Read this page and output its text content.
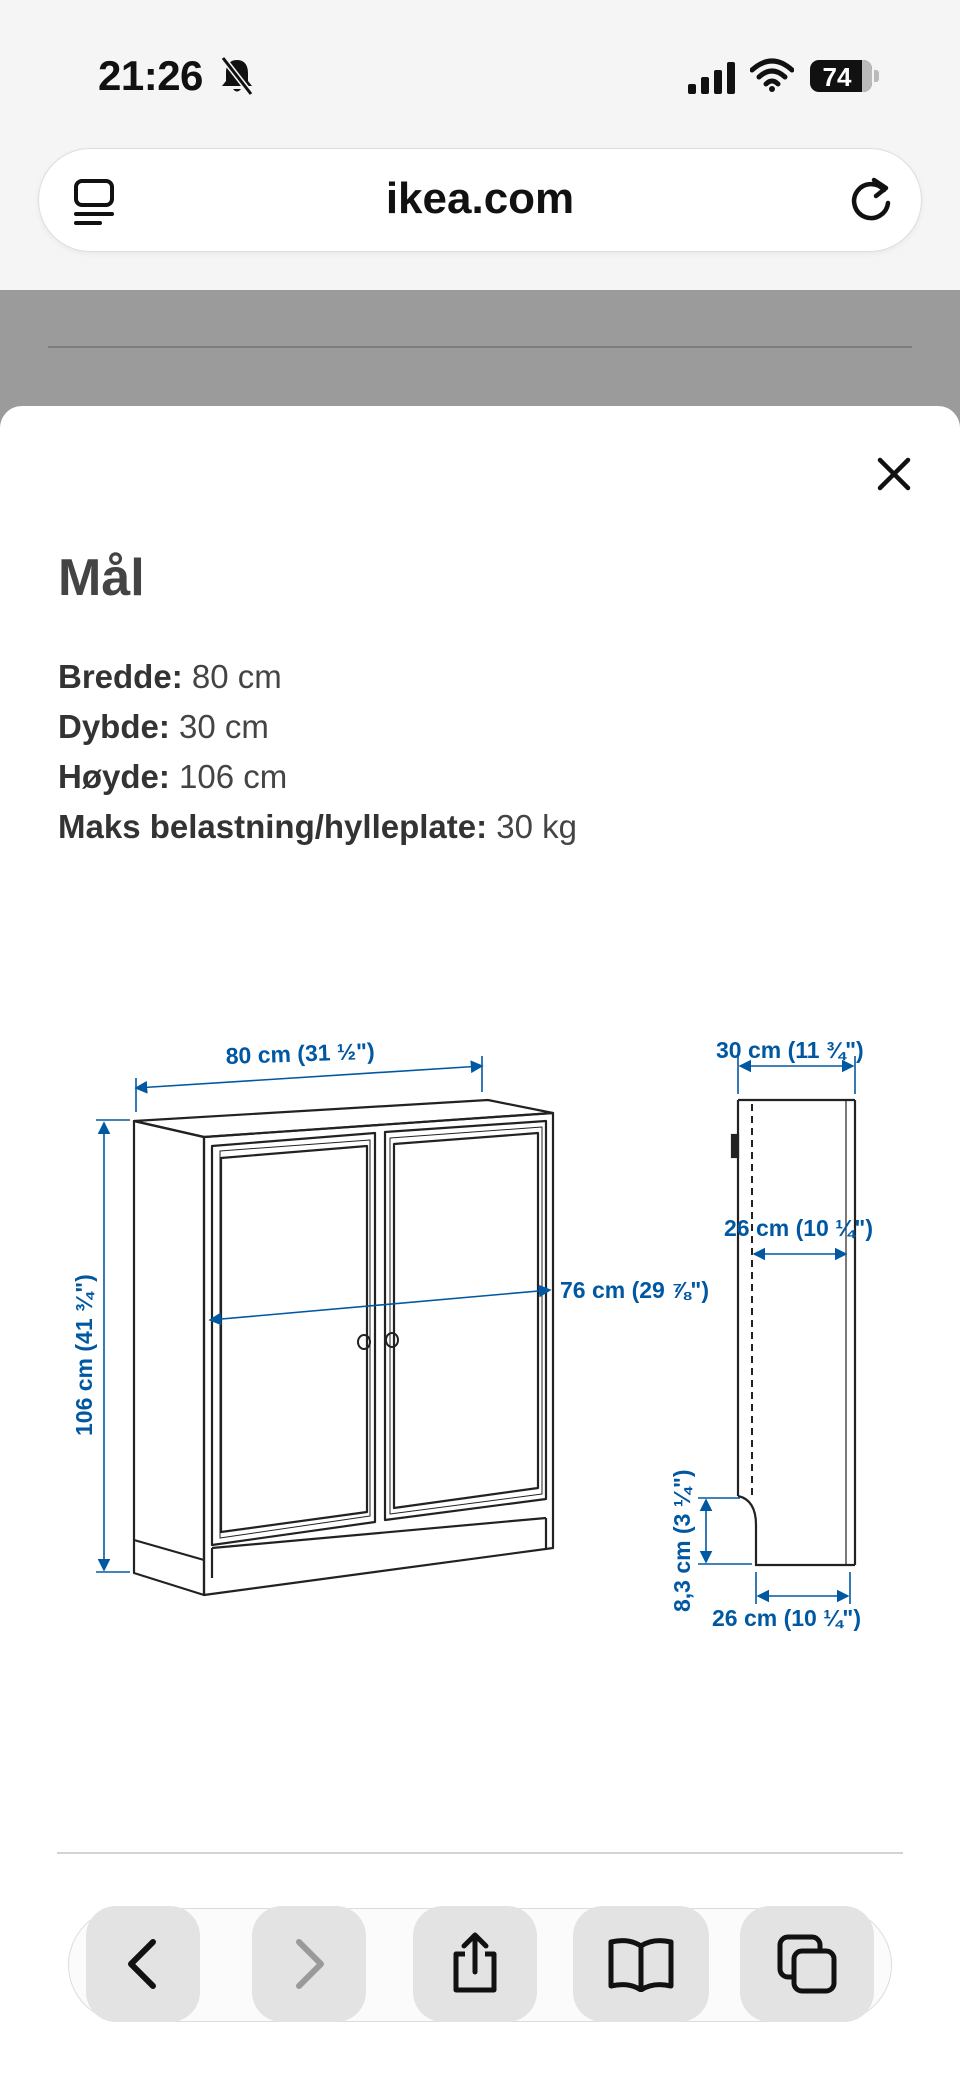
21:26	74
ikea.com
Mål
Bredde: 80 cm
Dybde: 30 cm
Høyde: 106 cm
Maks belastning/hylleplate: 30 kg
80 cm (31 ½")
106 cm (41 ¾")	76 cm (29 ⅞")
30 cm (11 ¾")
26 cm (10 ¼")
8,3 cm (3 ¼")
26 cm (10 ¼")
